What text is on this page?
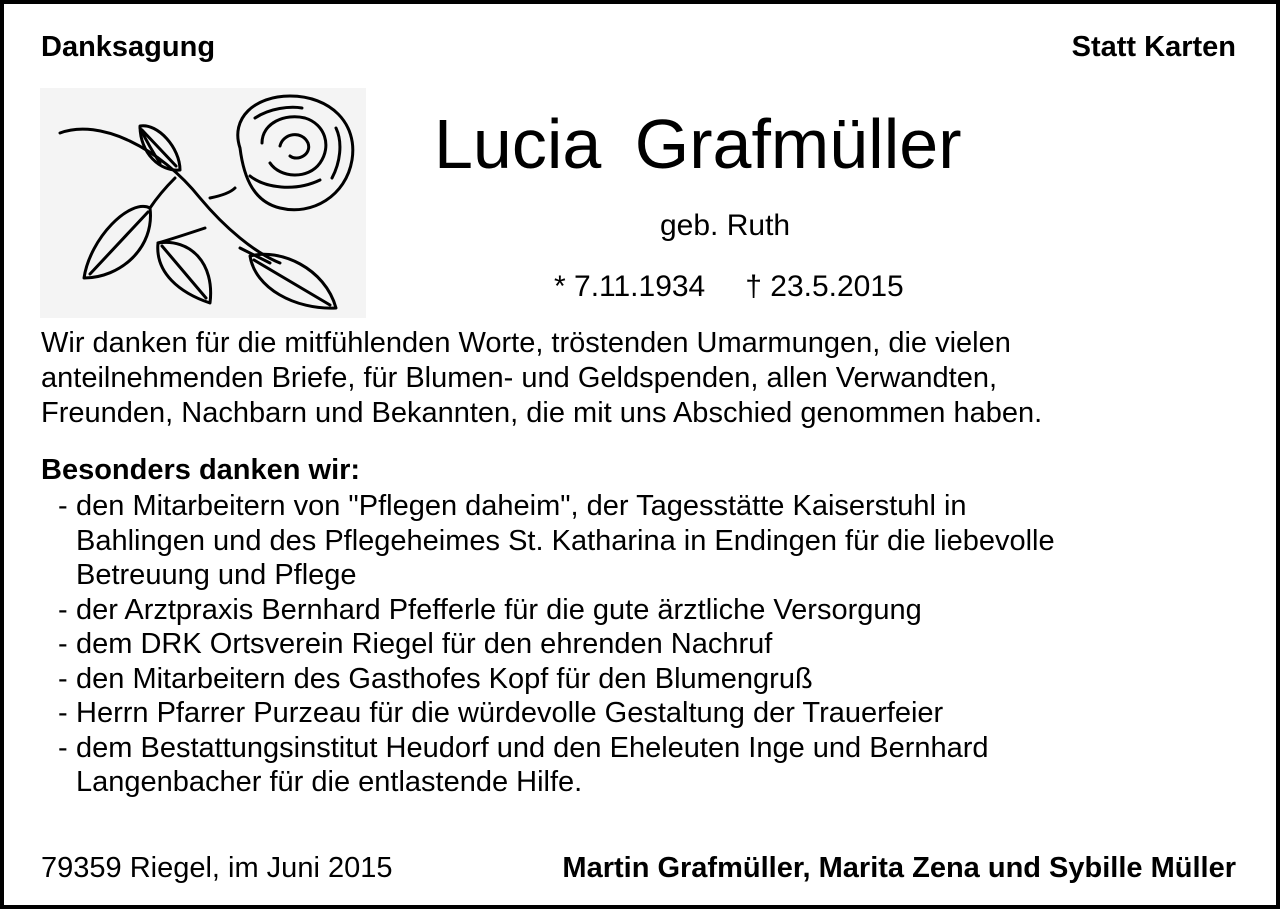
Danksagung	Statt Karten
Lucia Grafmüller
geb. Ruth
* 7.11.1934 † 23.5.2015
Wir danken für die mitfühlenden Worte, tröstenden Umarmungen, die vielen
anteilnehmenden Briefe, für Blumen- und Geldspenden, allen Verwandten,
Freunden, Nachbarn und Bekannten, die mit uns Abschied genommen haben.
Besonders danken wir:
- den Mitarbeitern von "Pflegen daheim", der Tagesstätte Kaiserstuhl in
Bahlingen und des Pflegeheimes St. Katharina in Endingen für die liebevolle
Betreuung und Pflege
- der Arztpraxis Bernhard Pfefferle für die gute ärztliche Versorgung
- dem DRK Ortsverein Riegel für den ehrenden Nachruf
- den Mitarbeitern des Gasthofes Kopf für den Blumengruß
- Herrn Pfarrer Purzeau für die würdevolle Gestaltung der Trauerfeier
- dem Bestattungsinstitut Heudorf und den Eheleuten Inge und Bernhard
Langenbacher für die entlastende Hilfe.
79359 Riegel, im Juni 2015	Martin Grafmüller, Marita Zena und Sybille Müller
